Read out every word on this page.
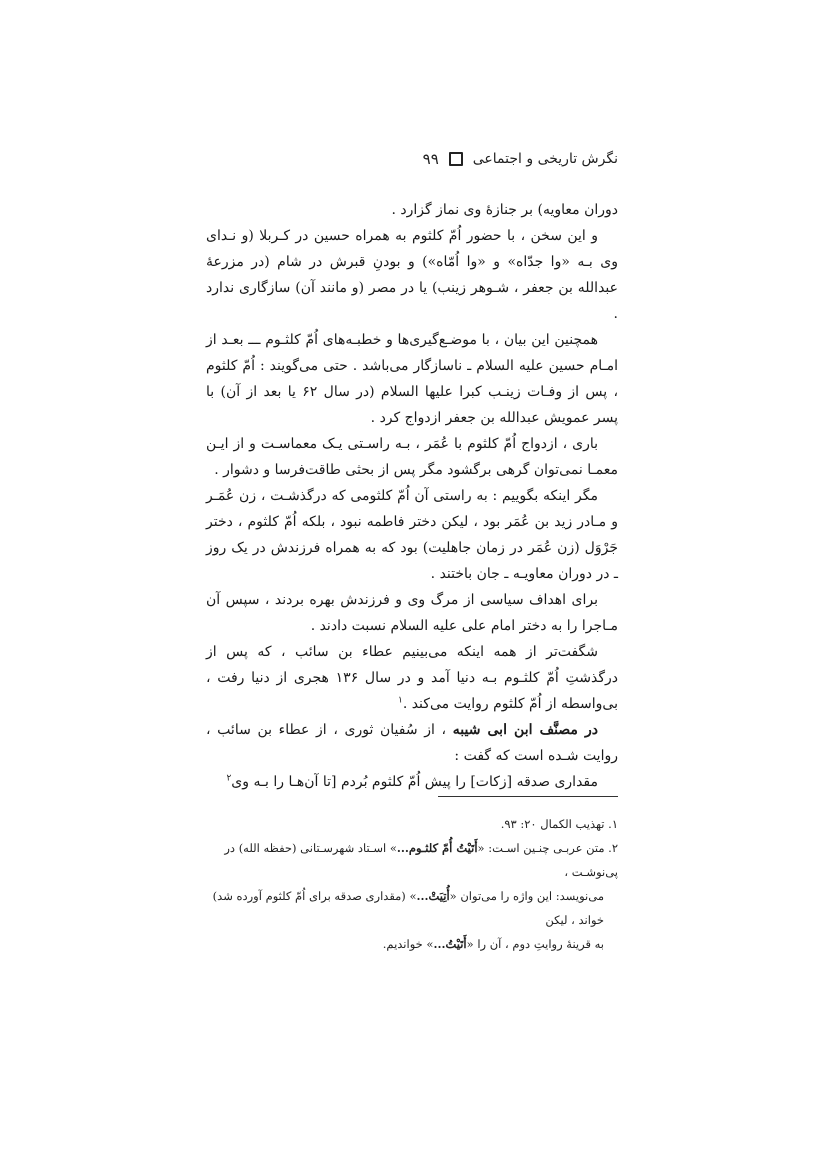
نگرش تاریخی و اجتماعی
۹۹

دوران معاویه) بر جنازهٔ وی نماز گزارد .

و این سخن ، با حضور اُمّ کلثوم به همراه حسین در کـربلا (و نـدای وی بـه «وا جدّاه» و «وا اُمّاه») و بودنِ قبرش در شام (در مزرعهٔ عبدالله بن جعفر ، شـوهر زینب) یا در مصر (و مانند آن) سازگاری ندارد .

همچنین این بیان ، با موضـع‌گیری‌ها و خطبـه‌های اُمّ کلثـوم ـــ بعـد از امـام حسین علیه السلام ـ ناسازگار می‌باشد . حتی می‌گویند : اُمّ کلثوم ، پس از وفـات زینـب کبرا علیها السلام (در سال ۶۲ یا بعد از آن) با پسر عمویش عبدالله بن جعفر ازدواج کرد .

باری ، ازدواج اُمّ کلثوم با عُمَر ، بـه راسـتی یـک معماسـت و از ایـن معمـا نمی‌توان گرهی برگشود مگر پس از بحثی طاقت‌فرسا و دشوار .

مگر اینکه بگوییم : به راستی آن اُمّ کلثومی که درگذشـت ، زن عُمَـر و مـادر زید بن عُمَر بود ، لیکن دختر فاطمه نبود ، بلکه اُمّ کلثوم ، دختر جَرْوَل (زن عُمَر در زمان جاهلیت) بود که به همراه فرزندش در یک روز ـ در دوران معاویـه ـ جان باختند .

برای اهداف سیاسی از مرگ وی و فرزندش بهره بردند ، سپس آن مـاجرا را به دختر امام علی علیه السلام نسبت دادند .

شگفت‌تر از همه اینکه می‌بینیم عطاء بن سائب ، که پس از درگذشتِ اُمّ کلثـوم بـه دنیا آمد و در سال ۱۳۶ هجری از دنیا رفت ، بی‌واسطه از اُمّ کلثوم روایت می‌کند .$^۱$

در مصنَّف ابن ابی شیبه ، از سُفیان ثوری ، از عطاء بن سائب ، روایت شـده است که گفت :

مقداری صدقه [زکات] را پیش اُمّ کلثوم بُردم [تا آن‌هـا را بـه وی$^۲$

۱. تهذیب الکمال ۲۰: ۹۳.

۲. متن عربـی چنـین اسـت: «أَتَیْتُ أُمّ کلثـوم...» اسـتاد شهرسـتانی (حفظه الله) در پی‌نوشـت ،

می‌نویسد: این واژه را می‌توان «أُتِیَتْ...» (مقداری صدقه برای اُمّ کلثوم آورده شد) خواند ، لیکن

به قرینهٔ روایتِ دوم ، آن را «أَتَیْتُ...» خواندیم.
